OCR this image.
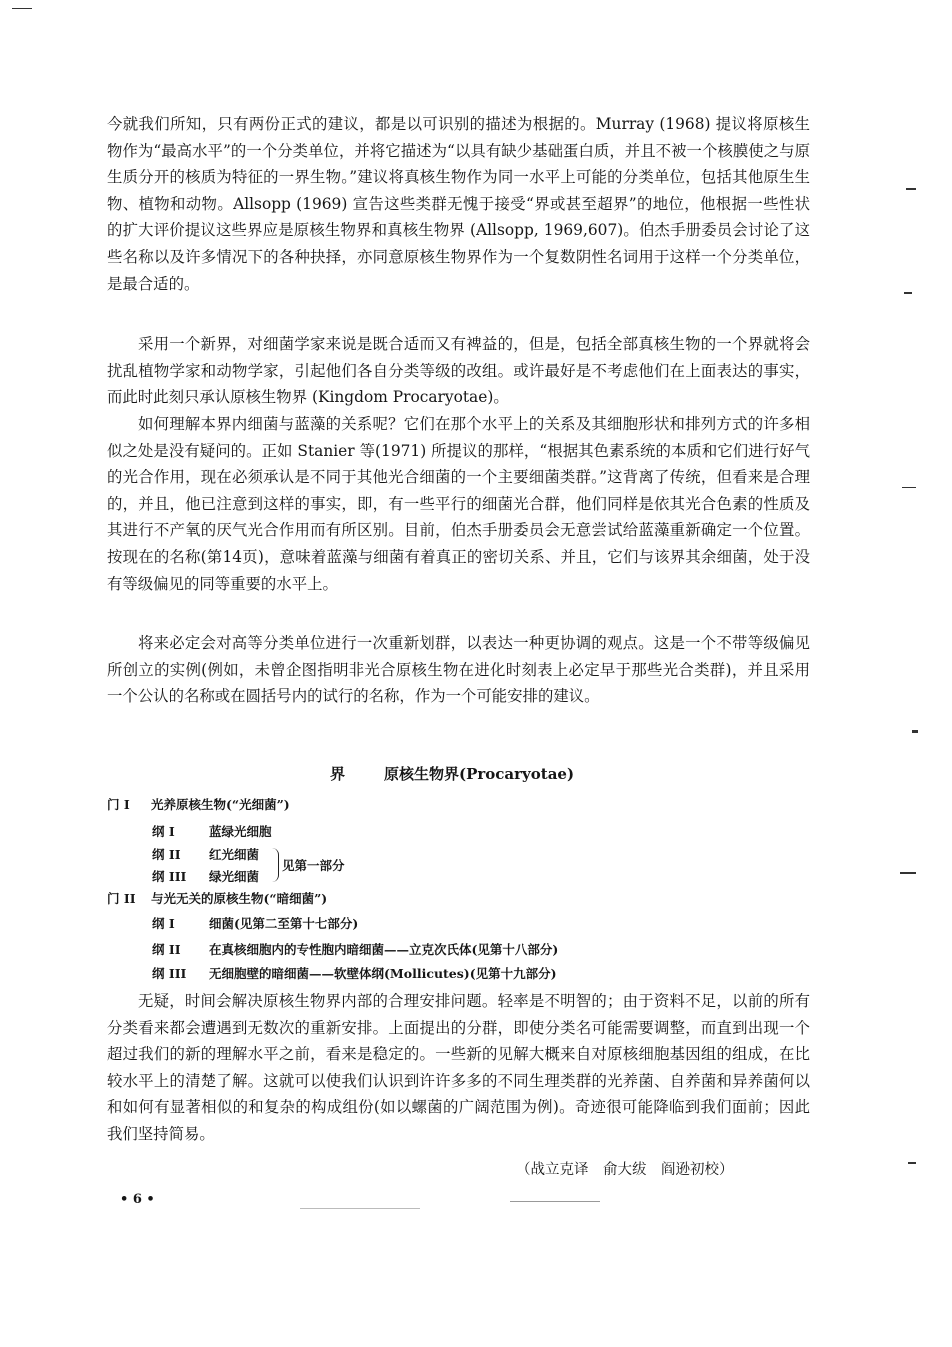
今就我们所知，只有两份正式的建议，都是以可识别的描述为根据的。Murray (1968) 提议将原核生物作为“最高水平”的一个分类单位，并将它描述为“以具有缺少基础蛋白质，并且不被一个核膜使之与原生质分开的核质为特征的一界生物。”建议将真核生物作为同一水平上可能的分类单位，包括其他原生生物、植物和动物。Allsopp (1969) 宣告这些类群无愧于接受“界或甚至超界”的地位，他根据一些性状的扩大评价提议这些界应是原核生物界和真核生物界 (Allsopp, 1969,607)。伯杰手册委员会讨论了这些名称以及许多情况下的各种抉择，亦同意原核生物界作为一个复数阴性名词用于这样一个分类单位，是最合适的。

采用一个新界，对细菌学家来说是既合适而又有裨益的，但是，包括全部真核生物的一个界就将会扰乱植物学家和动物学家，引起他们各自分类等级的改组。或许最好是不考虑他们在上面表达的事实，而此时此刻只承认原核生物界 (Kingdom Procaryotae)。

如何理解本界内细菌与蓝藻的关系呢？它们在那个水平上的关系及其细胞形状和排列方式的许多相似之处是没有疑问的。正如 Stanier 等(1971) 所提议的那样，“根据其色素系统的本质和它们进行好气的光合作用，现在必须承认是不同于其他光合细菌的一个主要细菌类群。”这背离了传统，但看来是合理的，并且，他已注意到这样的事实，即，有一些平行的细菌光合群，他们同样是依其光合色素的性质及其进行不产氧的厌气光合作用而有所区别。目前，伯杰手册委员会无意尝试给蓝藻重新确定一个位置。按现在的名称(第14页)，意味着蓝藻与细菌有着真正的密切关系、并且，它们与该界其余细菌，处于没有等级偏见的同等重要的水平上。

将来必定会对高等分类单位进行一次重新划群，以表达一种更协调的观点。这是一个不带等级偏见所创立的实例(例如，未曾企图指明非光合原核生物在进化时刻表上必定早于那些光合类群)，并且采用一个公认的名称或在圆括号内的试行的名称，作为一个可能安排的建议。

界	原核生物界(Procaryotae)
门 I 光养原核生物(“光细菌”)
纲 I	蓝绿光细胞
纲 II 红光细菌
纲 III 绿光细菌
见第一部分
门 II 与光无关的原核生物(“暗细菌”)
纲 I	细菌(见第二至第十七部分)
纲 II 在真核细胞内的专性胞内暗细菌——立克次氏体(见第十八部分)
纲 III 无细胞壁的暗细菌——软壁体纲(Mollicutes)(见第十九部分)

无疑，时间会解决原核生物界内部的合理安排问题。轻率是不明智的；由于资料不足，以前的所有分类看来都会遭遇到无数次的重新安排。上面提出的分群，即使分类名可能需要调整，而直到出现一个超过我们的新的理解水平之前，看来是稳定的。一些新的见解大概来自对原核细胞基因组的组成，在比较水平上的清楚了解。这就可以使我们认识到许许多多的不同生理类群的光养菌、自养菌和异养菌何以和如何有显著相似的和复杂的构成组份(如以螺菌的广阔范围为例)。奇迹很可能降临到我们面前；因此我们坚持简易。

（战立克译　俞大绂　阎逊初校）
• 6 •
